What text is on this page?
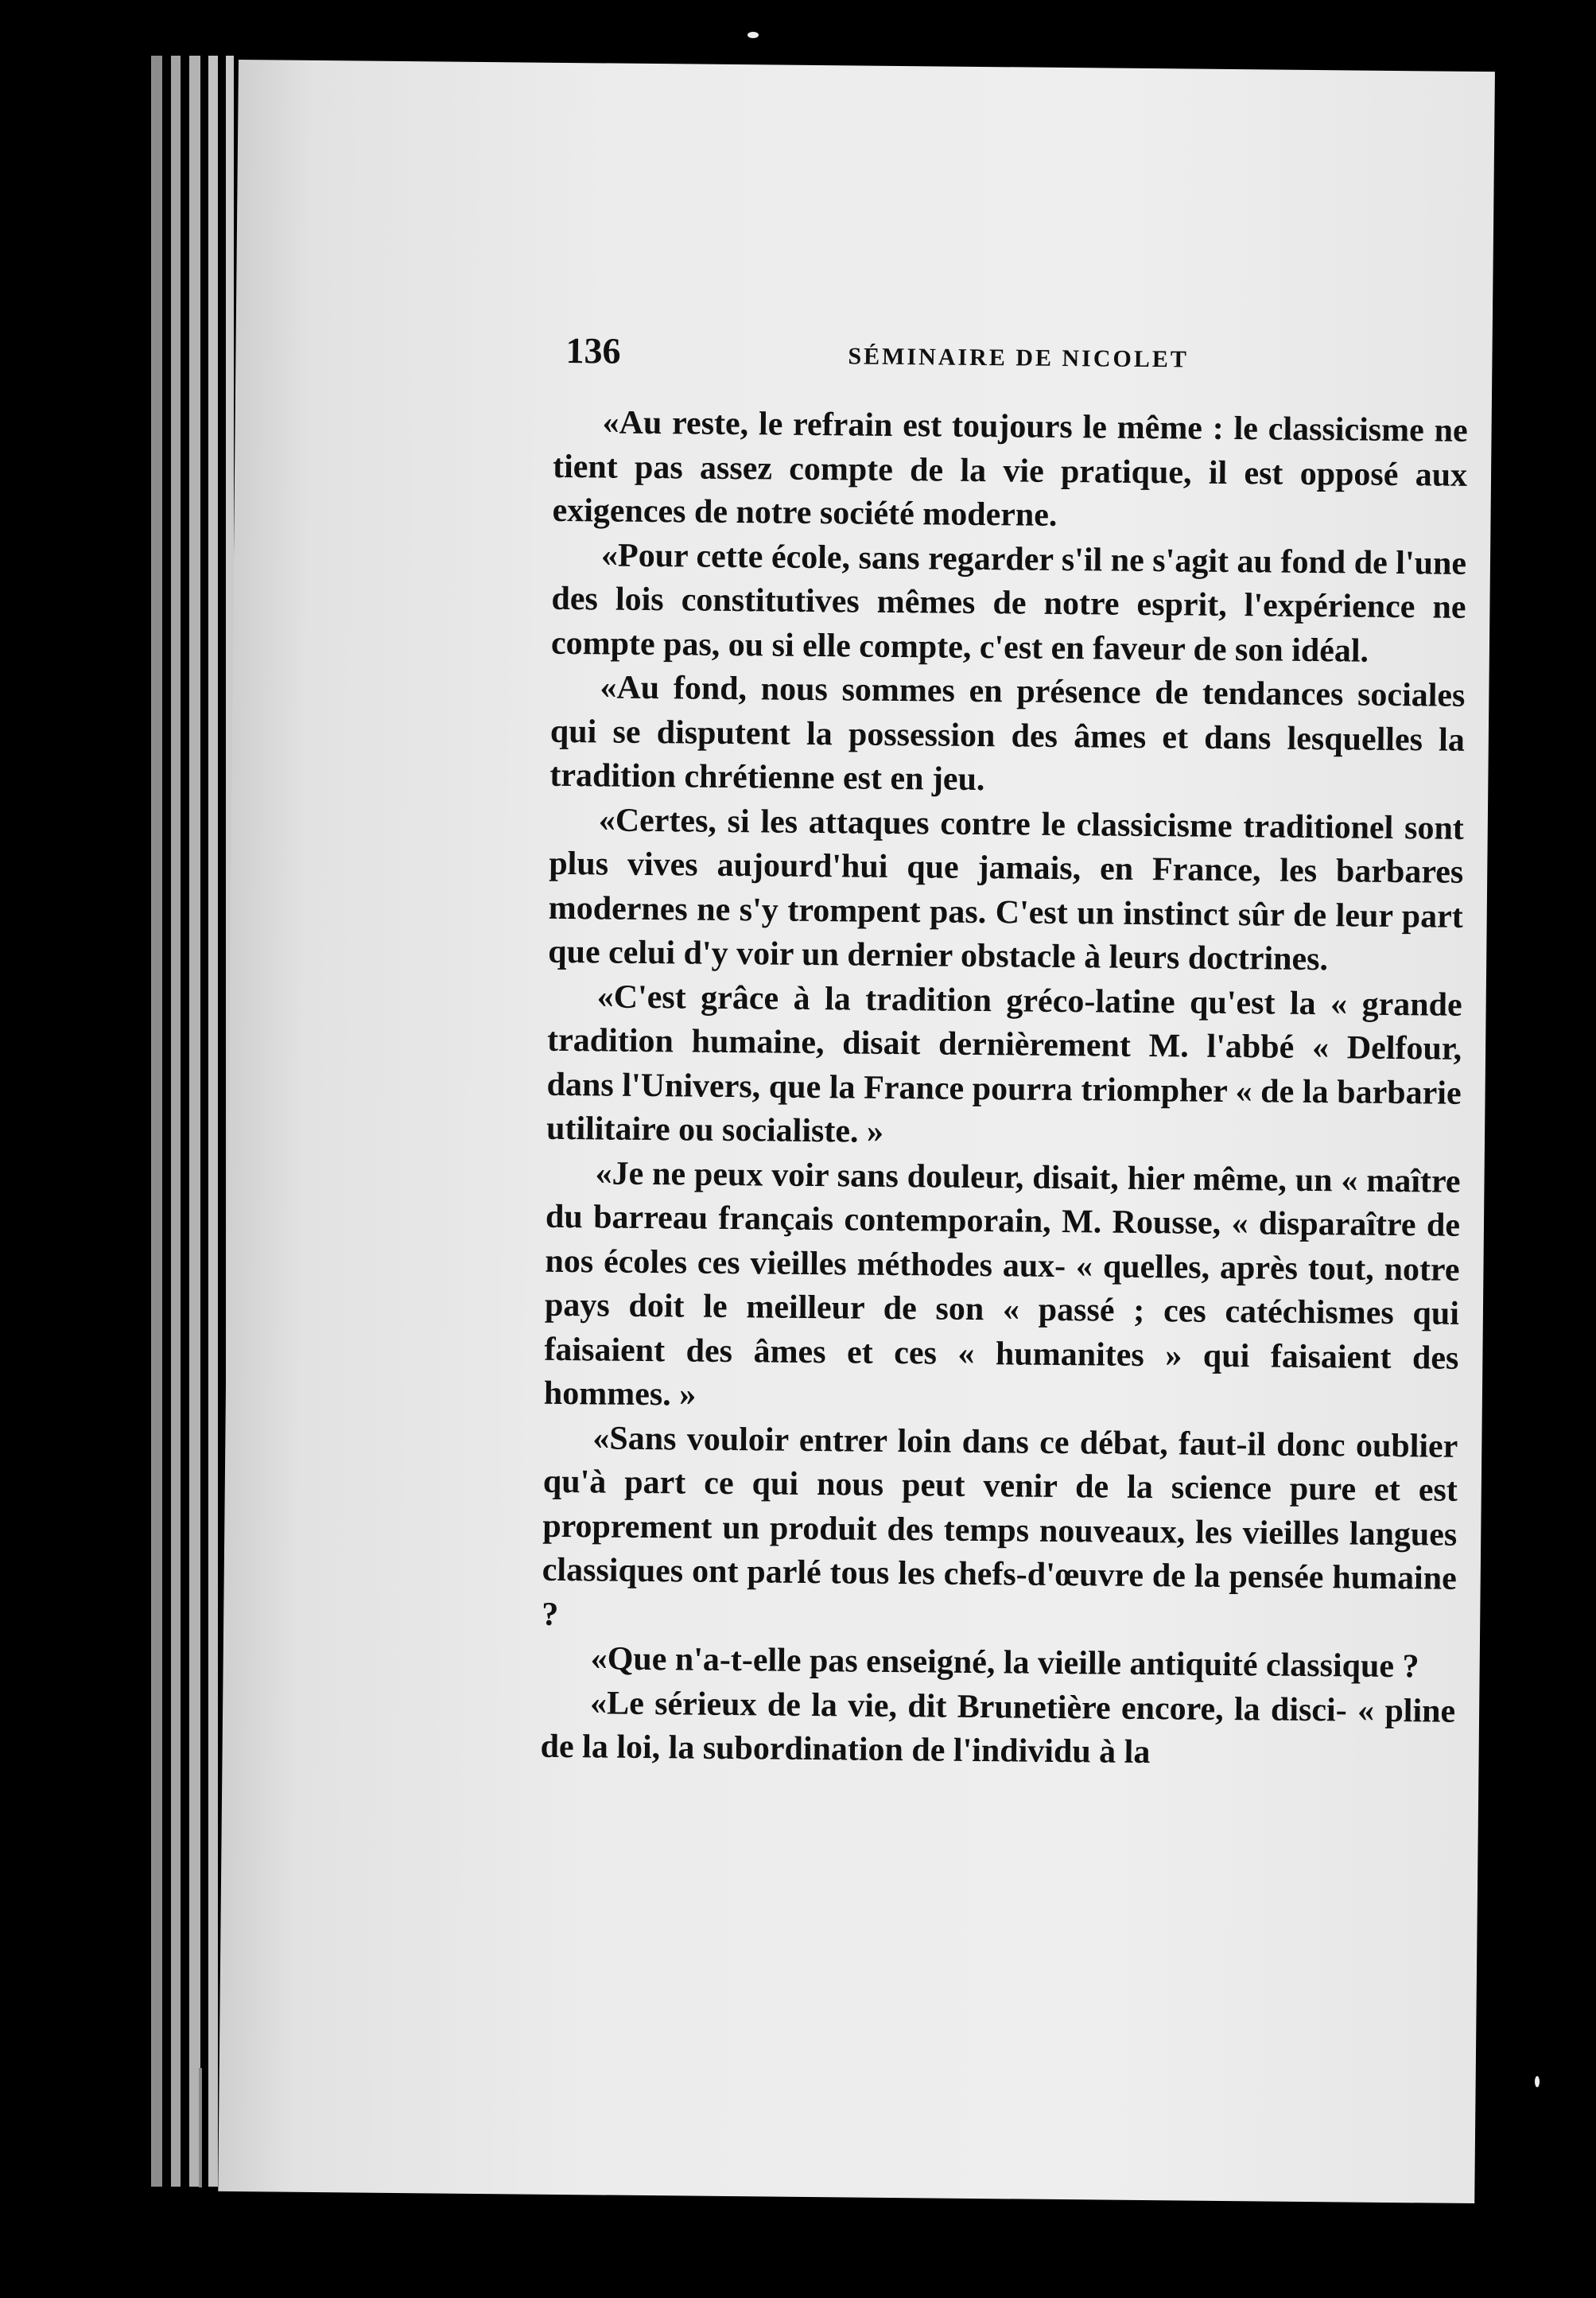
136	SÉMINAIRE DE NICOLET

«Au reste, le refrain est toujours le même : le classicisme ne tient pas assez compte de la vie pratique, il est opposé aux exigences de notre société moderne.

«Pour cette école, sans regarder s'il ne s'agit au fond de l'une des lois constitutives mêmes de notre esprit, l'expérience ne compte pas, ou si elle compte, c'est en faveur de son idéal.

«Au fond, nous sommes en présence de tendances sociales qui se disputent la possession des âmes et dans lesquelles la tradition chrétienne est en jeu.

«Certes, si les attaques contre le classicisme traditionel sont plus vives aujourd'hui que jamais, en France, les barbares modernes ne s'y trompent pas. C'est un instinct sûr de leur part que celui d'y voir un dernier obstacle à leurs doctrines.

«C'est grâce à la tradition gréco-latine qu'est la « grande tradition humaine, disait dernièrement M. l'abbé « Delfour, dans l'Univers, que la France pourra triompher « de la barbarie utilitaire ou socialiste. »

«Je ne peux voir sans douleur, disait, hier même, un « maître du barreau français contemporain, M. Rousse, « disparaître de nos écoles ces vieilles méthodes aux- « quelles, après tout, notre pays doit le meilleur de son « passé ; ces catéchismes qui faisaient des âmes et ces « humanites » qui faisaient des hommes. »

«Sans vouloir entrer loin dans ce débat, faut-il donc oublier qu'à part ce qui nous peut venir de la science pure et est proprement un produit des temps nouveaux, les vieilles langues classiques ont parlé tous les chefs-d'œuvre de la pensée humaine ?

«Que n'a-t-elle pas enseigné, la vieille antiquité classique ?

«Le sérieux de la vie, dit Brunetière encore, la disci- « pline de la loi, la subordination de l'individu à la
